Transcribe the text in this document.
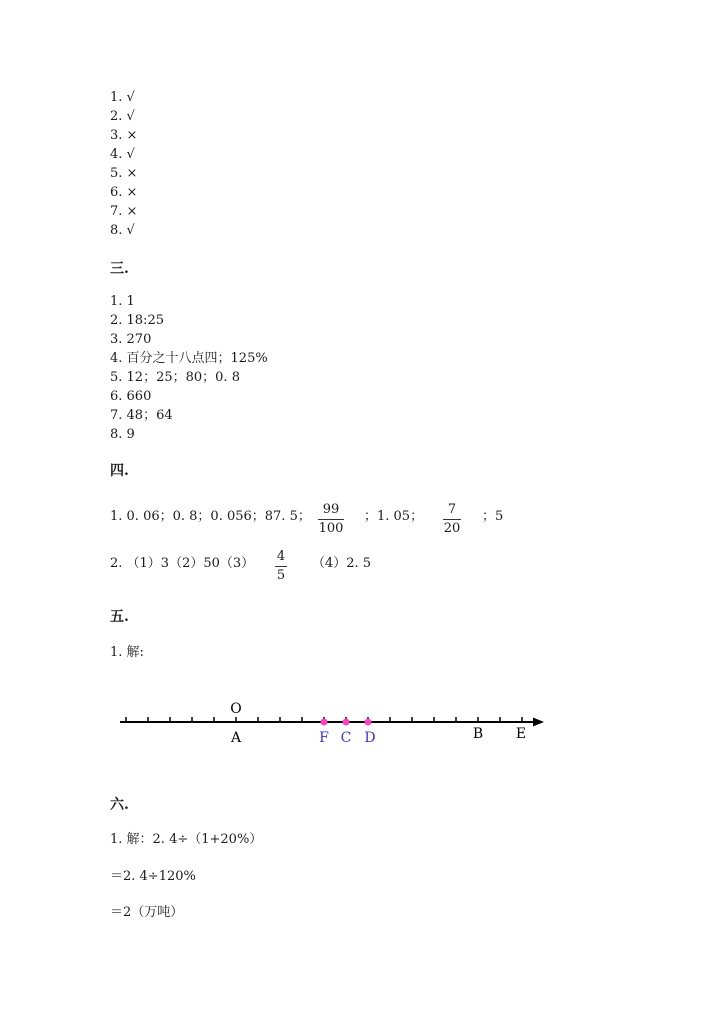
1. √
2. √
3. ×
4. √
5. ×
6. ×
7. ×
8. √
三.
1. 1
2. 18:25
3. 270
4. 百分之十八点四；125%
5. 12；25；80；0. 8
6. 660
7. 48；64
8. 9
四.
1. 0. 06；0. 8；0. 056；87. 5； 99
100
；1. 05；	7
20
；5
2. （1）3（2）50（3） 4
5
（4）2. 5
五.
1. 解:
O
A	F C D	B E
六.
1. 解：2. 4÷（1+20%）
＝2. 4÷120%
＝2（万吨）
